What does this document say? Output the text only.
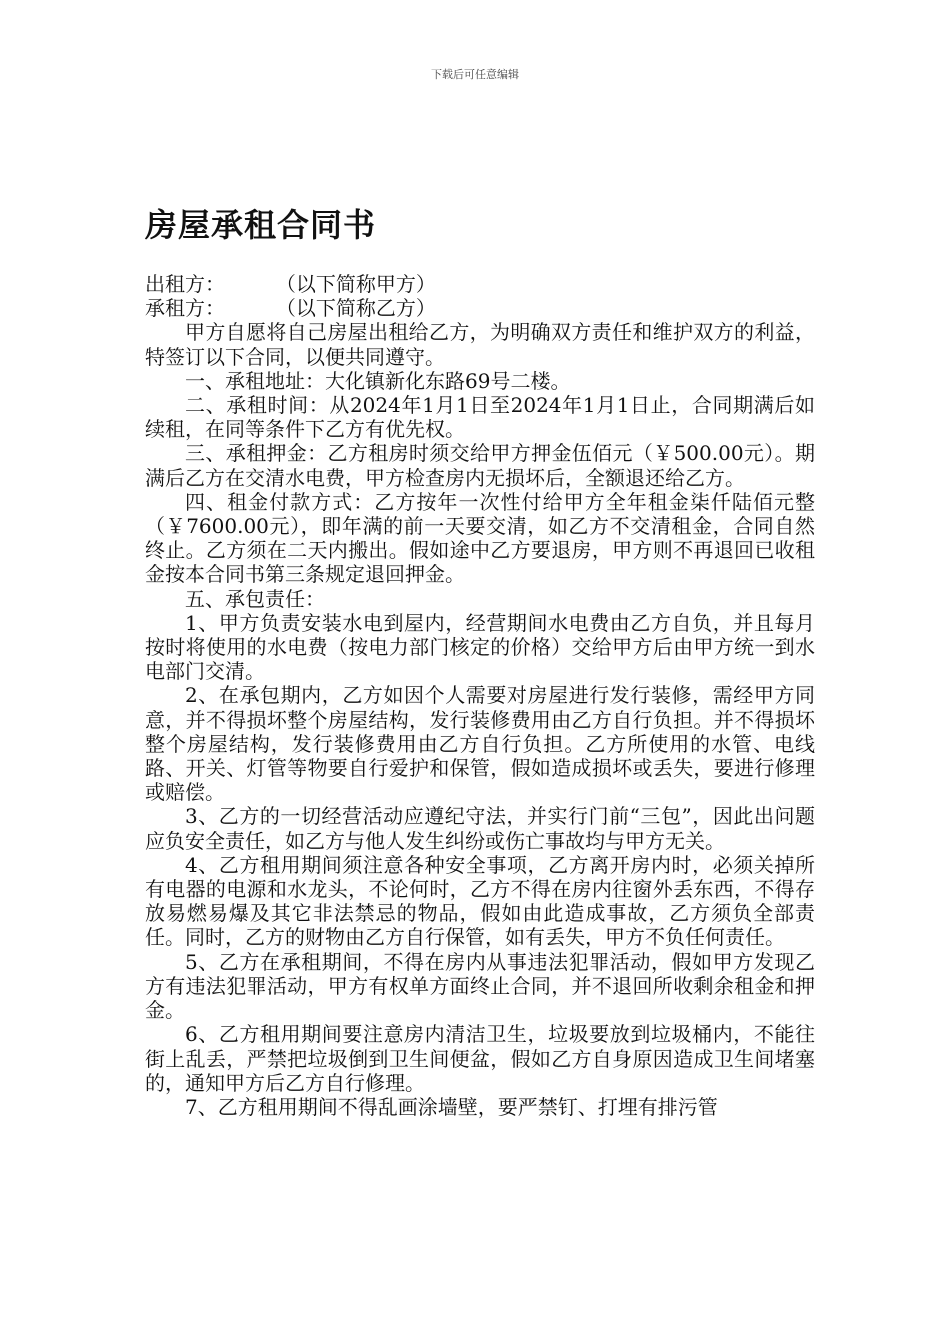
下载后可任意编辑
房屋承租合同书

出租方：        （以下简称甲方）

承租方：        （以下简称乙方）

甲方自愿将自己房屋出租给乙方，为明确双方责任和维护双方的利益，特签订以下合同，以便共同遵守。

一、承租地址：大化镇新化东路69号二楼。

二、承租时间：从2024年1月1日至2024年1月1日止，合同期满后如续租，在同等条件下乙方有优先权。

三、承租押金：乙方租房时须交给甲方押金伍佰元（￥500.00元）。期满后乙方在交清水电费，甲方检查房内无损坏后，全额退还给乙方。

四、租金付款方式：乙方按年一次性付给甲方全年租金柒仟陆佰元整（￥7600.00元），即年满的前一天要交清，如乙方不交清租金，合同自然终止。乙方须在二天内搬出。假如途中乙方要退房，甲方则不再退回已收租金按本合同书第三条规定退回押金。

五、承包责任：

1、甲方负责安装水电到屋内，经营期间水电费由乙方自负，并且每月按时将使用的水电费（按电力部门核定的价格）交给甲方后由甲方统一到水电部门交清。

2、在承包期内，乙方如因个人需要对房屋进行发行装修，需经甲方同意，并不得损坏整个房屋结构，发行装修费用由乙方自行负担。并不得损坏整个房屋结构，发行装修费用由乙方自行负担。乙方所使用的水管、电线路、开关、灯管等物要自行爱护和保管，假如造成损坏或丢失，要进行修理或赔偿。

3、乙方的一切经营活动应遵纪守法，并实行门前“三包”，因此出问题应负安全责任，如乙方与他人发生纠纷或伤亡事故均与甲方无关。

4、乙方租用期间须注意各种安全事项，乙方离开房内时，必须关掉所有电器的电源和水龙头，不论何时，乙方不得在房内往窗外丢东西，不得存放易燃易爆及其它非法禁忌的物品，假如由此造成事故，乙方须负全部责任。同时，乙方的财物由乙方自行保管，如有丢失，甲方不负任何责任。

5、乙方在承租期间，不得在房内从事违法犯罪活动，假如甲方发现乙方有违法犯罪活动，甲方有权单方面终止合同，并不退回所收剩余租金和押金。

6、乙方租用期间要注意房内清洁卫生，垃圾要放到垃圾桶内，不能往街上乱丢，严禁把垃圾倒到卫生间便盆，假如乙方自身原因造成卫生间堵塞的，通知甲方后乙方自行修理。

7、乙方租用期间不得乱画涂墙壁，要严禁钉、打埋有排污管
